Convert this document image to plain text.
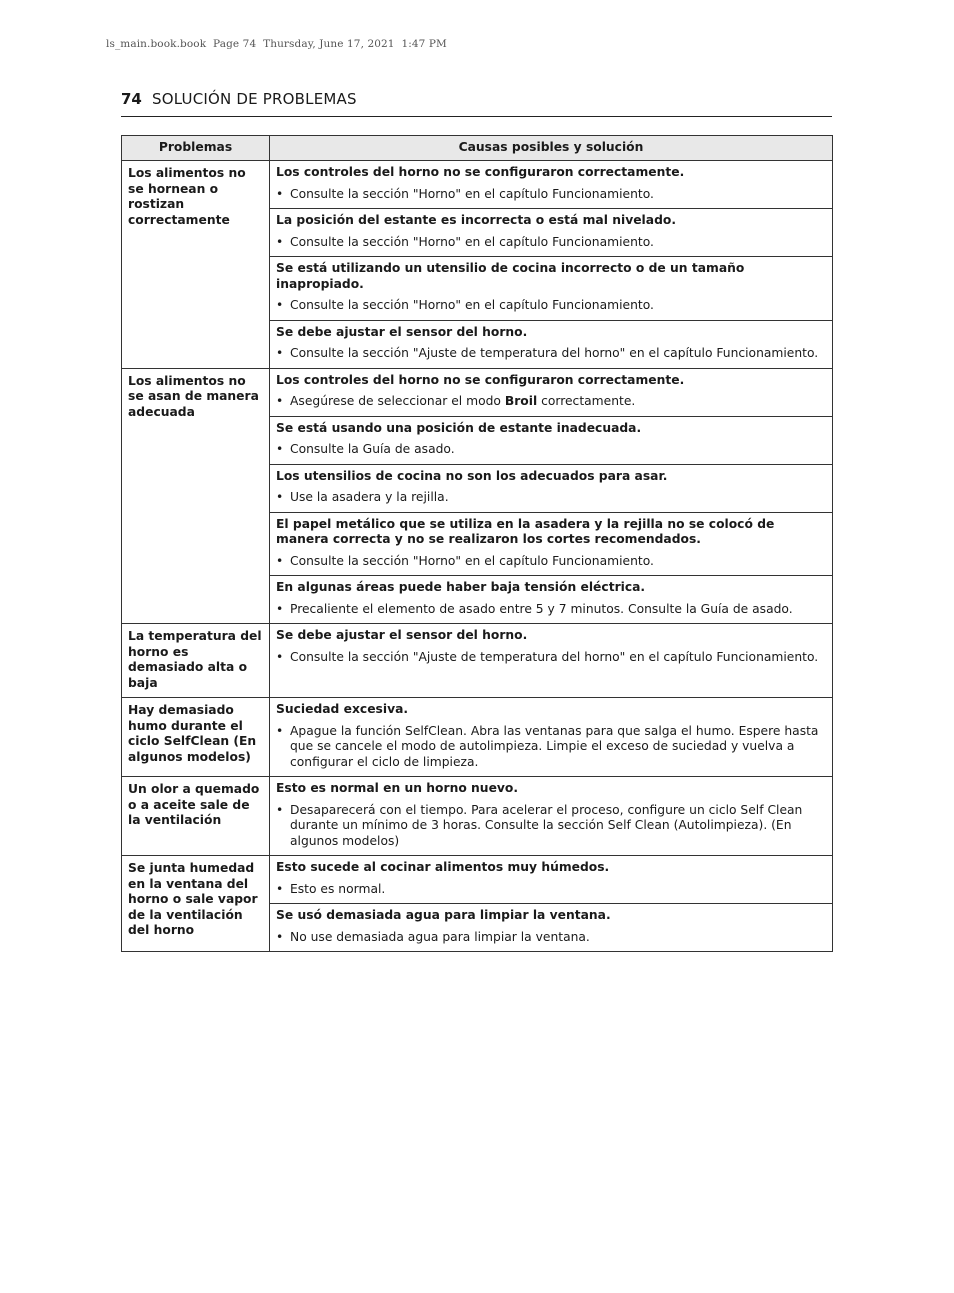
ls_main.book.book  Page 74  Thursday, June 17, 2021  1:47 PM
74 SOLUCIÓN DE PROBLEMAS
Problemas	Causas posibles y solución
Los alimentos no se hornean o rostizan correctamente	Los controles del horno no se configuraron correctamente.
• Consulte la sección "Horno" en el capítulo Funcionamiento.

	La posición del estante es incorrecta o está mal nivelado.
• Consulte la sección "Horno" en el capítulo Funcionamiento.

	Se está utilizando un utensilio de cocina incorrecto o de un tamaño inapropiado.
• Consulte la sección "Horno" en el capítulo Funcionamiento.

	Se debe ajustar el sensor del horno.
• Consulte la sección "Ajuste de temperatura del horno" en el capítulo Funcionamiento.

Los alimentos no se asan de manera adecuada	Los controles del horno no se configuraron correctamente.
• Asegúrese de seleccionar el modo Broil correctamente.

	Se está usando una posición de estante inadecuada.
• Consulte la Guía de asado.

	Los utensilios de cocina no son los adecuados para asar.
• Use la asadera y la rejilla.

	El papel metálico que se utiliza en la asadera y la rejilla no se colocó de manera correcta y no se realizaron los cortes recomendados.
• Consulte la sección "Horno" en el capítulo Funcionamiento.

	En algunas áreas puede haber baja tensión eléctrica.
• Precaliente el elemento de asado entre 5 y 7 minutos. Consulte la Guía de asado.

La temperatura del horno es demasiado alta o baja	Se debe ajustar el sensor del horno.
• Consulte la sección "Ajuste de temperatura del horno" en el capítulo Funcionamiento.

Hay demasiado humo durante el ciclo SelfClean (En algunos modelos)	Suciedad excesiva.
• Apague la función SelfClean. Abra las ventanas para que salga el humo. Espere hasta que se cancele el modo de autolimpieza. Limpie el exceso de suciedad y vuelva a configurar el ciclo de limpieza.

Un olor a quemado o a aceite sale de la ventilación	Esto es normal en un horno nuevo.
• Desaparecerá con el tiempo. Para acelerar el proceso, configure un ciclo Self Clean durante un mínimo de 3 horas. Consulte la sección Self Clean (Autolimpieza). (En algunos modelos)

Se junta humedad en la ventana del horno o sale vapor de la ventilación del horno	Esto sucede al cocinar alimentos muy húmedos.
• Esto es normal.

	Se usó demasiada agua para limpiar la ventana.
• No use demasiada agua para limpiar la ventana.
